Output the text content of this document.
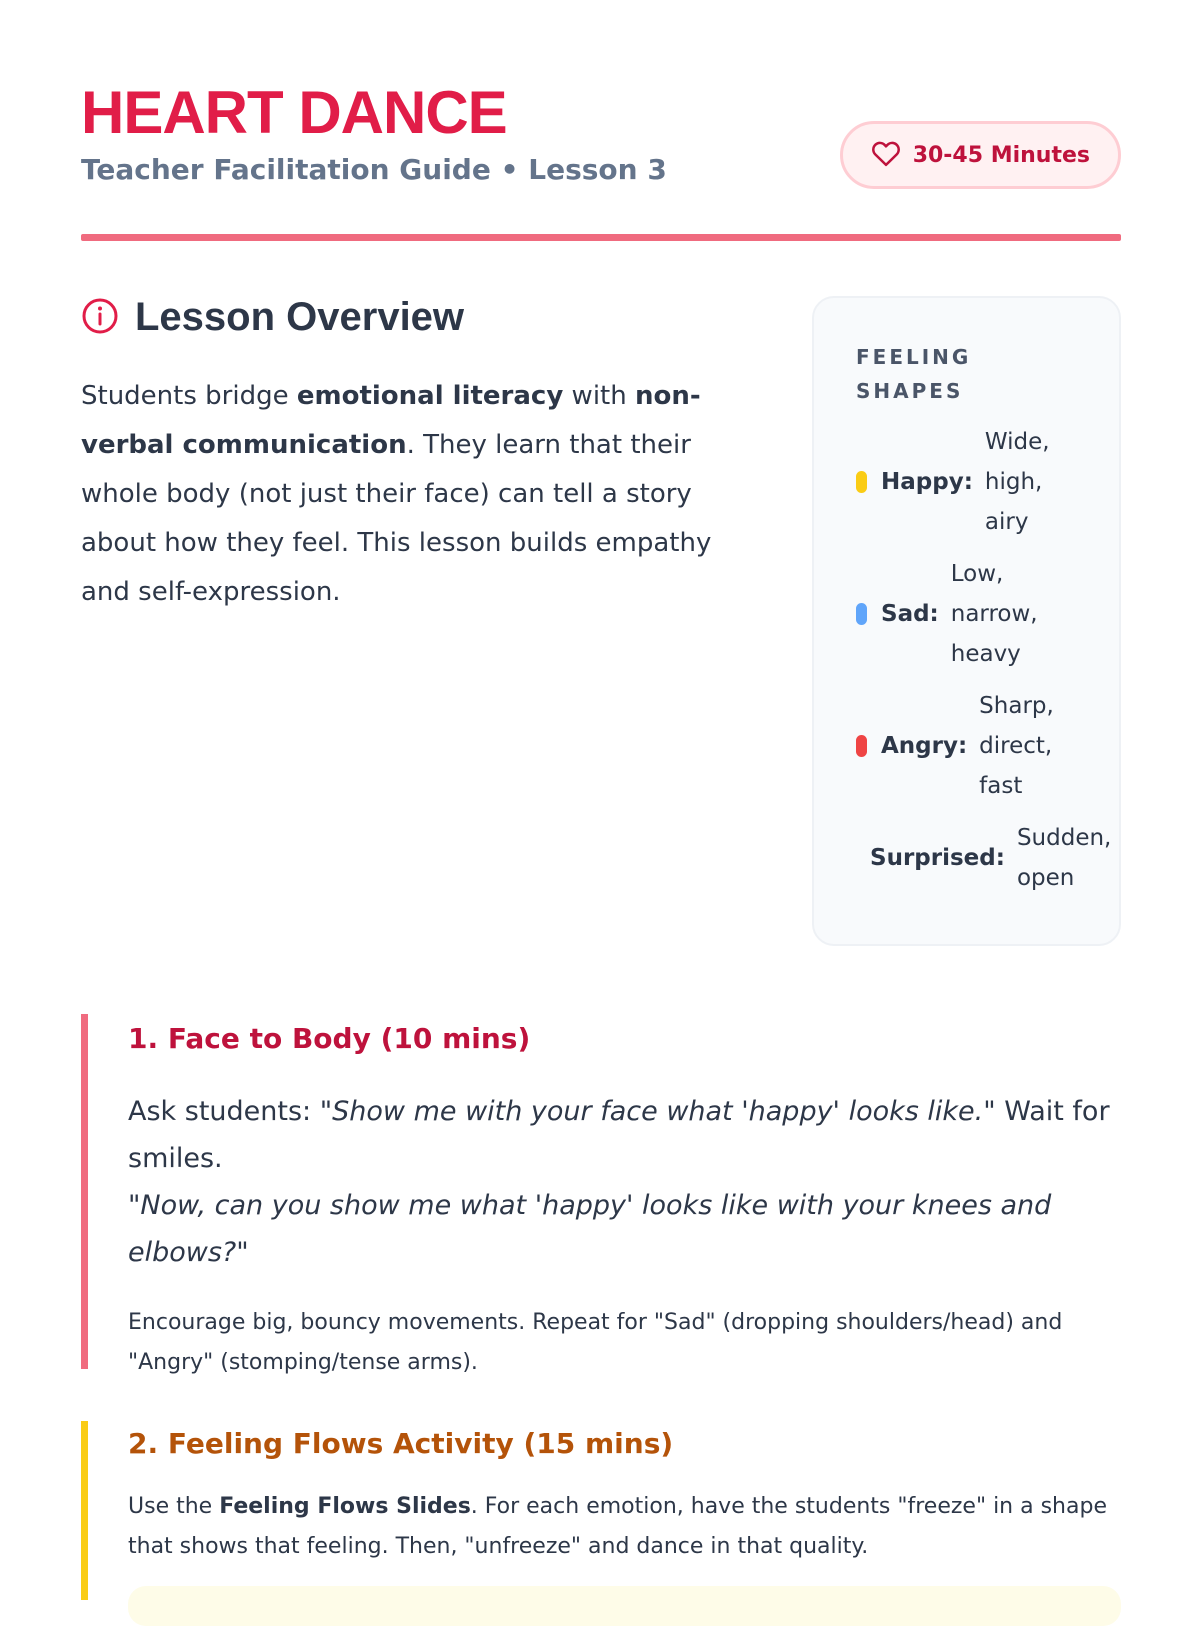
HEART DANCE
Teacher Facilitation Guide • Lesson 3	30-45 Minutes
Lesson Overview
Students bridge emotional literacy with non-verbal communication. They learn that their whole body (not just their face) can tell a story about how they feel. This lesson builds empathy and self-expression.
FEELING SHAPES
Happy:
Wide,
high,
airy
Sad:
Low,
narrow,
heavy
Angry:
Sharp,
direct,
fast
Surprised:
Sudden,
open
1. Face to Body (10 mins)
Ask students: "Show me with your face what 'happy' looks like." Wait for smiles.
"Now, can you show me what 'happy' looks like with your knees and elbows?"
Encourage big, bouncy movements. Repeat for "Sad" (dropping shoulders/head) and "Angry" (stomping/tense arms).
2. Feeling Flows Activity (15 mins)
Use the Feeling Flows Slides. For each emotion, have the students "freeze" in a shape that shows that feeling. Then, "unfreeze" and dance in that quality.
